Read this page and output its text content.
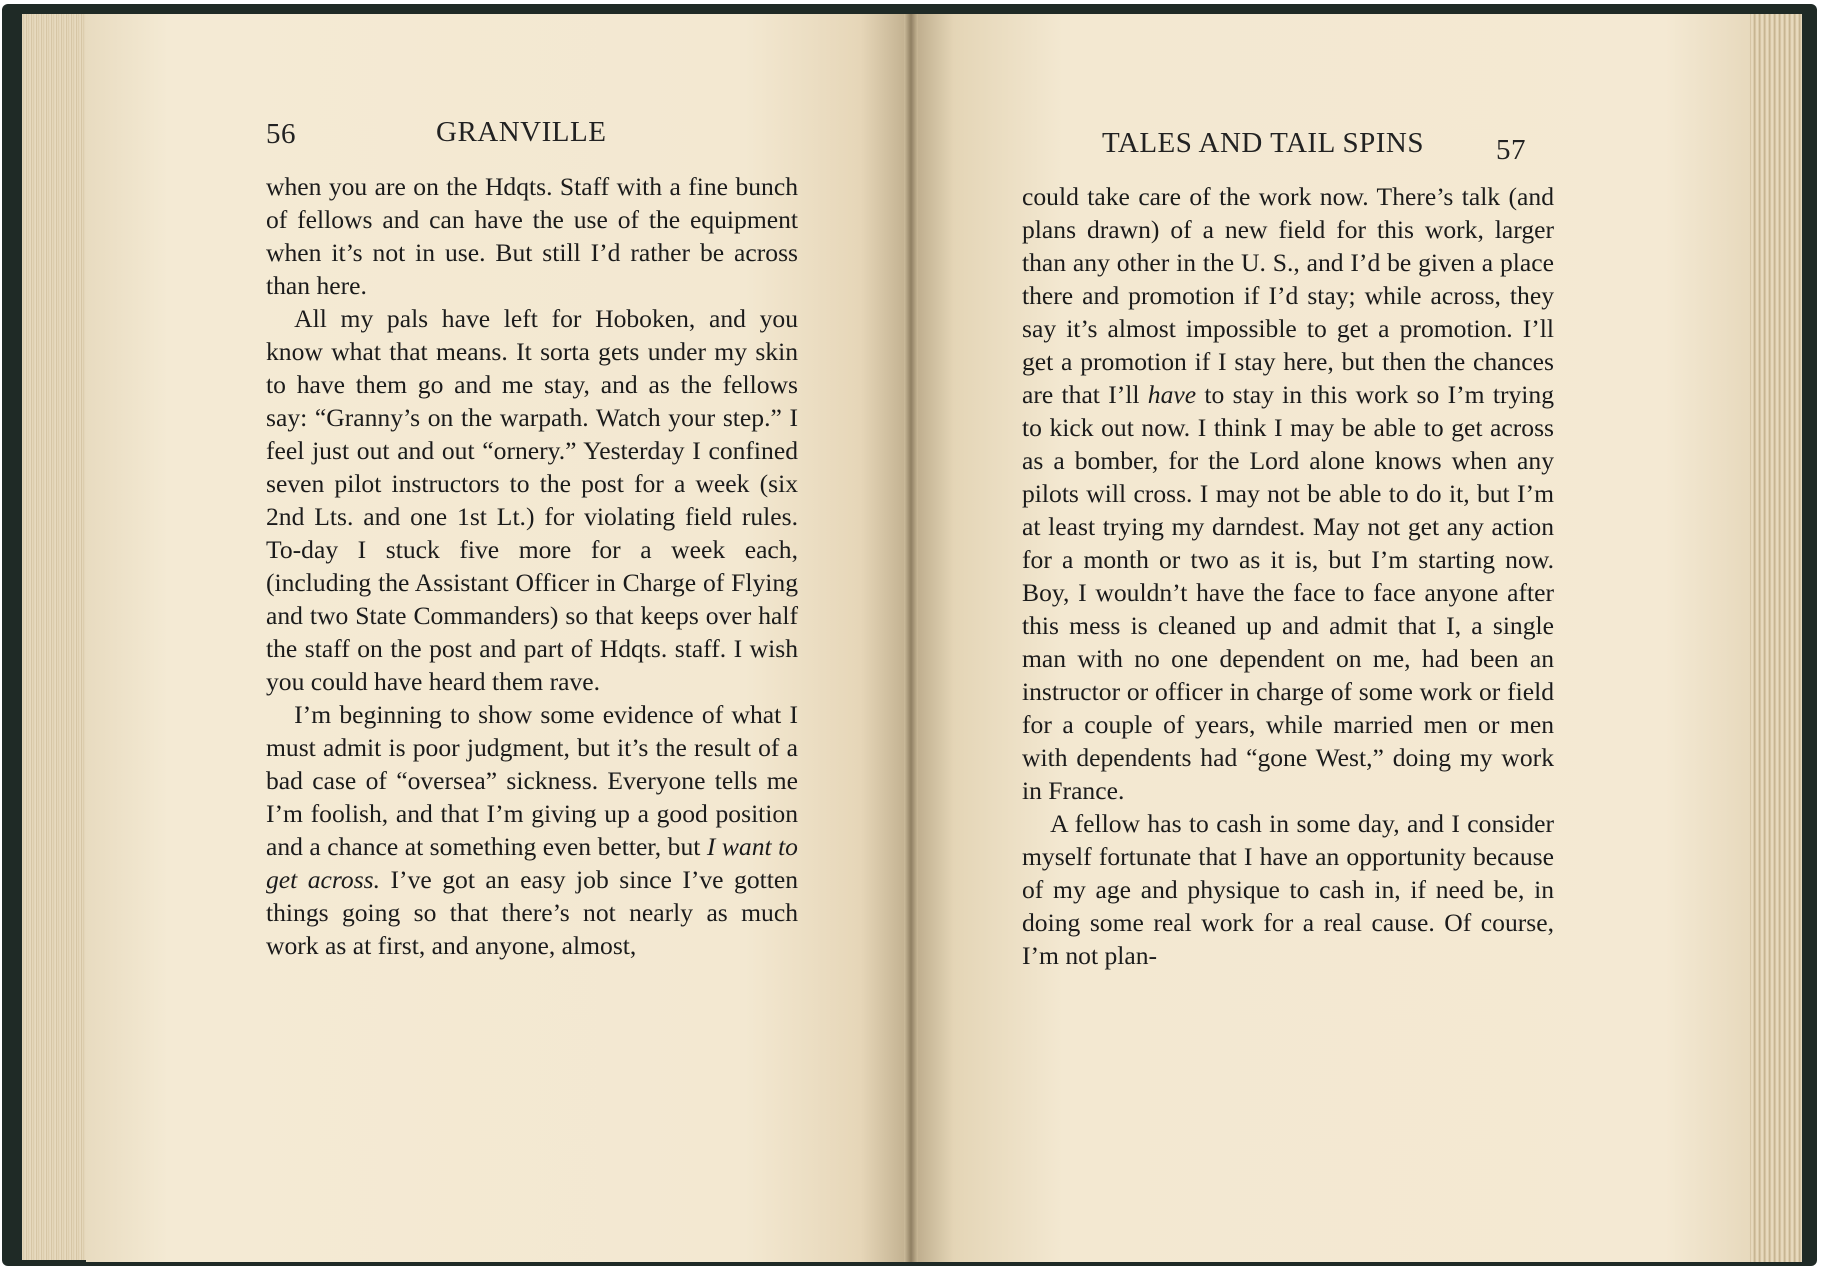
56	GRANVILLE

when you are on the Hdqts. Staff with a fine bunch of fellows and can have the use of the equipment when it’s not in use. But still I’d rather be across than here.

All my pals have left for Hoboken, and you know what that means. It sorta gets under my skin to have them go and me stay, and as the fellows say: “Granny’s on the warpath. Watch your step.” I feel just out and out “ornery.” Yesterday I confined seven pilot instructors to the post for a week (six 2nd Lts. and one 1st Lt.) for violating field rules. To-day I stuck five more for a week each, (including the Assistant Officer in Charge of Flying and two State Commanders) so that keeps over half the staff on the post and part of Hdqts. staff. I wish you could have heard them rave.

I’m beginning to show some evidence of what I must admit is poor judgment, but it’s the result of a bad case of “oversea” sickness. Everyone tells me I’m foolish, and that I’m giving up a good position and a chance at something even better, but I want to get across. I’ve got an easy job since I’ve gotten things going so that there’s not nearly as much work as at first, and anyone, almost,

TALES AND TAIL SPINS 57

could take care of the work now. There’s talk (and plans drawn) of a new field for this work, larger than any other in the U. S., and I’d be given a place there and promotion if I’d stay; while across, they say it’s almost impossible to get a promotion. I’ll get a promotion if I stay here, but then the chances are that I’ll have to stay in this work so I’m trying to kick out now. I think I may be able to get across as a bomber, for the Lord alone knows when any pilots will cross. I may not be able to do it, but I’m at least trying my darndest. May not get any action for a month or two as it is, but I’m starting now. Boy, I wouldn’t have the face to face anyone after this mess is cleaned up and admit that I, a single man with no one dependent on me, had been an instructor or officer in charge of some work or field for a couple of years, while married men or men with dependents had “gone West,” doing my work in France.

A fellow has to cash in some day, and I consider myself fortunate that I have an opportunity because of my age and physique to cash in, if need be, in doing some real work for a real cause. Of course, I’m not plan-
